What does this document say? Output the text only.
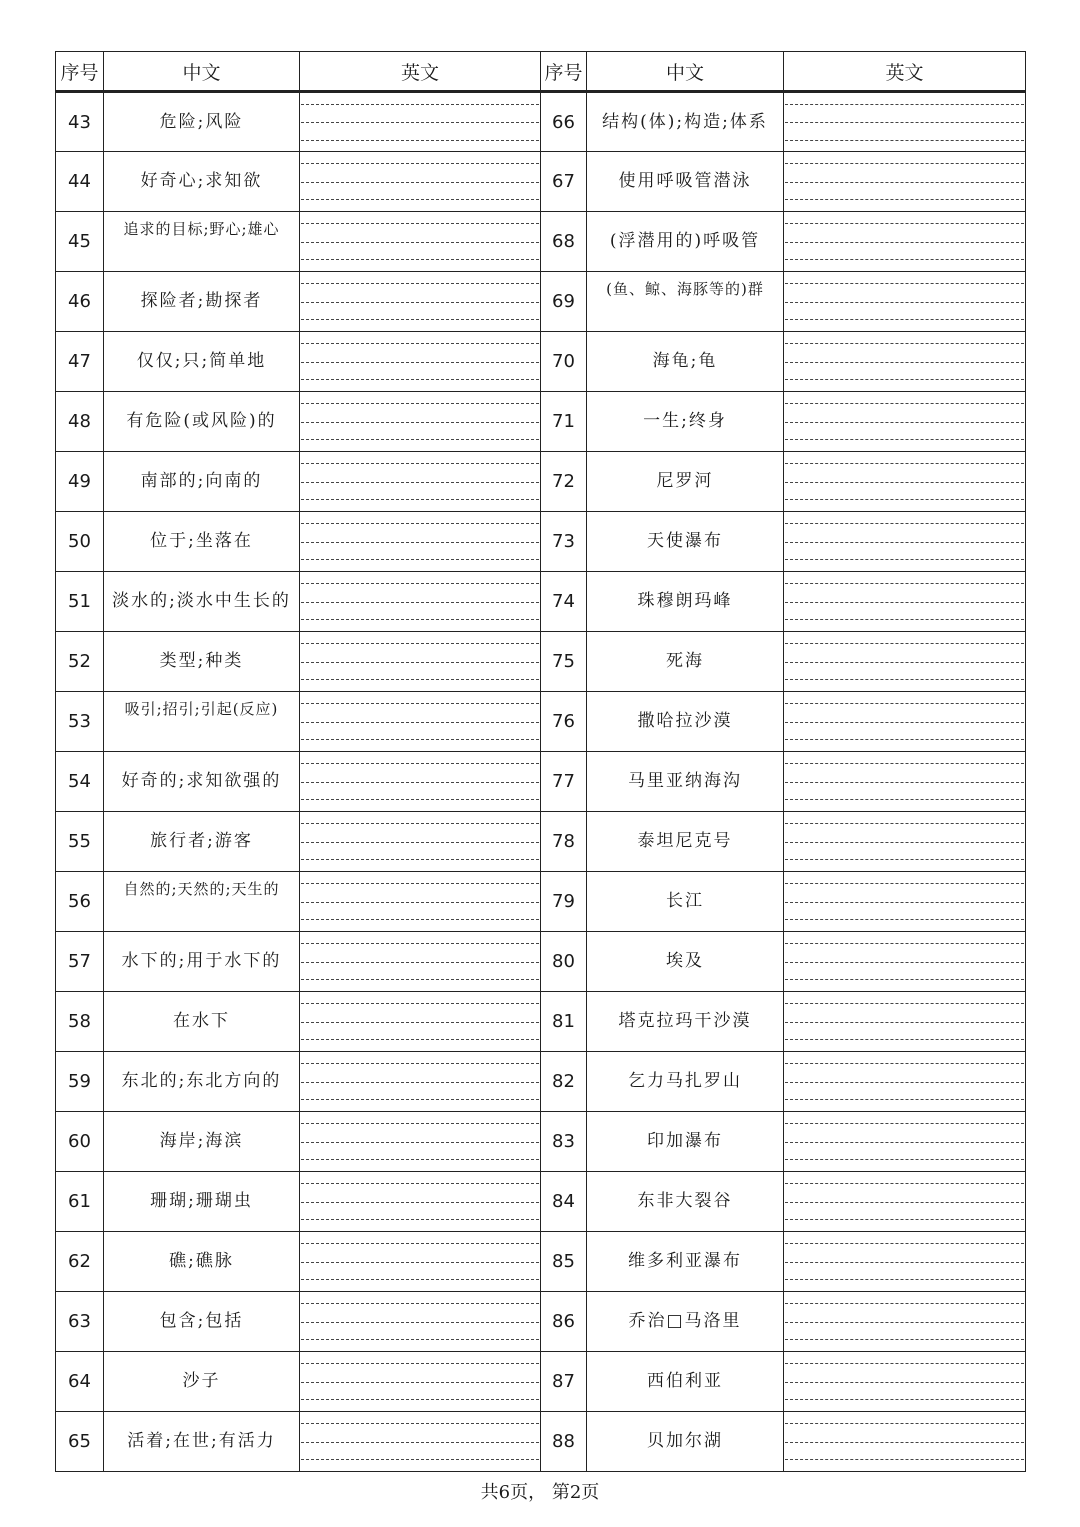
序号	中文	英文	序号	中文	英文
43	危险;风险		66	结构(体);构造;体系	

44	好奇心;求知欲		67	使用呼吸管潜泳	

45	追求的目标;野心;雄心		68	(浮潜用的)呼吸管	

46	探险者;勘探者		69	(鱼、鲸、海豚等的)群	

47	仅仅;只;简单地		70	海龟;龟	

48	有危险(或风险)的		71	一生;终身	

49	南部的;向南的		72	尼罗河	

50	位于;坐落在		73	天使瀑布	

51	淡水的;淡水中生长的		74	珠穆朗玛峰	

52	类型;种类		75	死海	

53	吸引;招引;引起(反应)		76	撒哈拉沙漠	

54	好奇的;求知欲强的		77	马里亚纳海沟	

55	旅行者;游客		78	泰坦尼克号	

56	自然的;天然的;天生的		79	长江	

57	水下的;用于水下的		80	埃及	

58	在水下		81	塔克拉玛干沙漠	

59	东北的;东北方向的		82	乞力马扎罗山	

60	海岸;海滨		83	印加瀑布	

61	珊瑚;珊瑚虫		84	东非大裂谷	

62	礁;礁脉		85	维多利亚瀑布	

63	包含;包括		86	乔治□马洛里	

64	沙子		87	西伯利亚	

65	活着;在世;有活力		88	贝加尔湖	
共6页， 第2页
